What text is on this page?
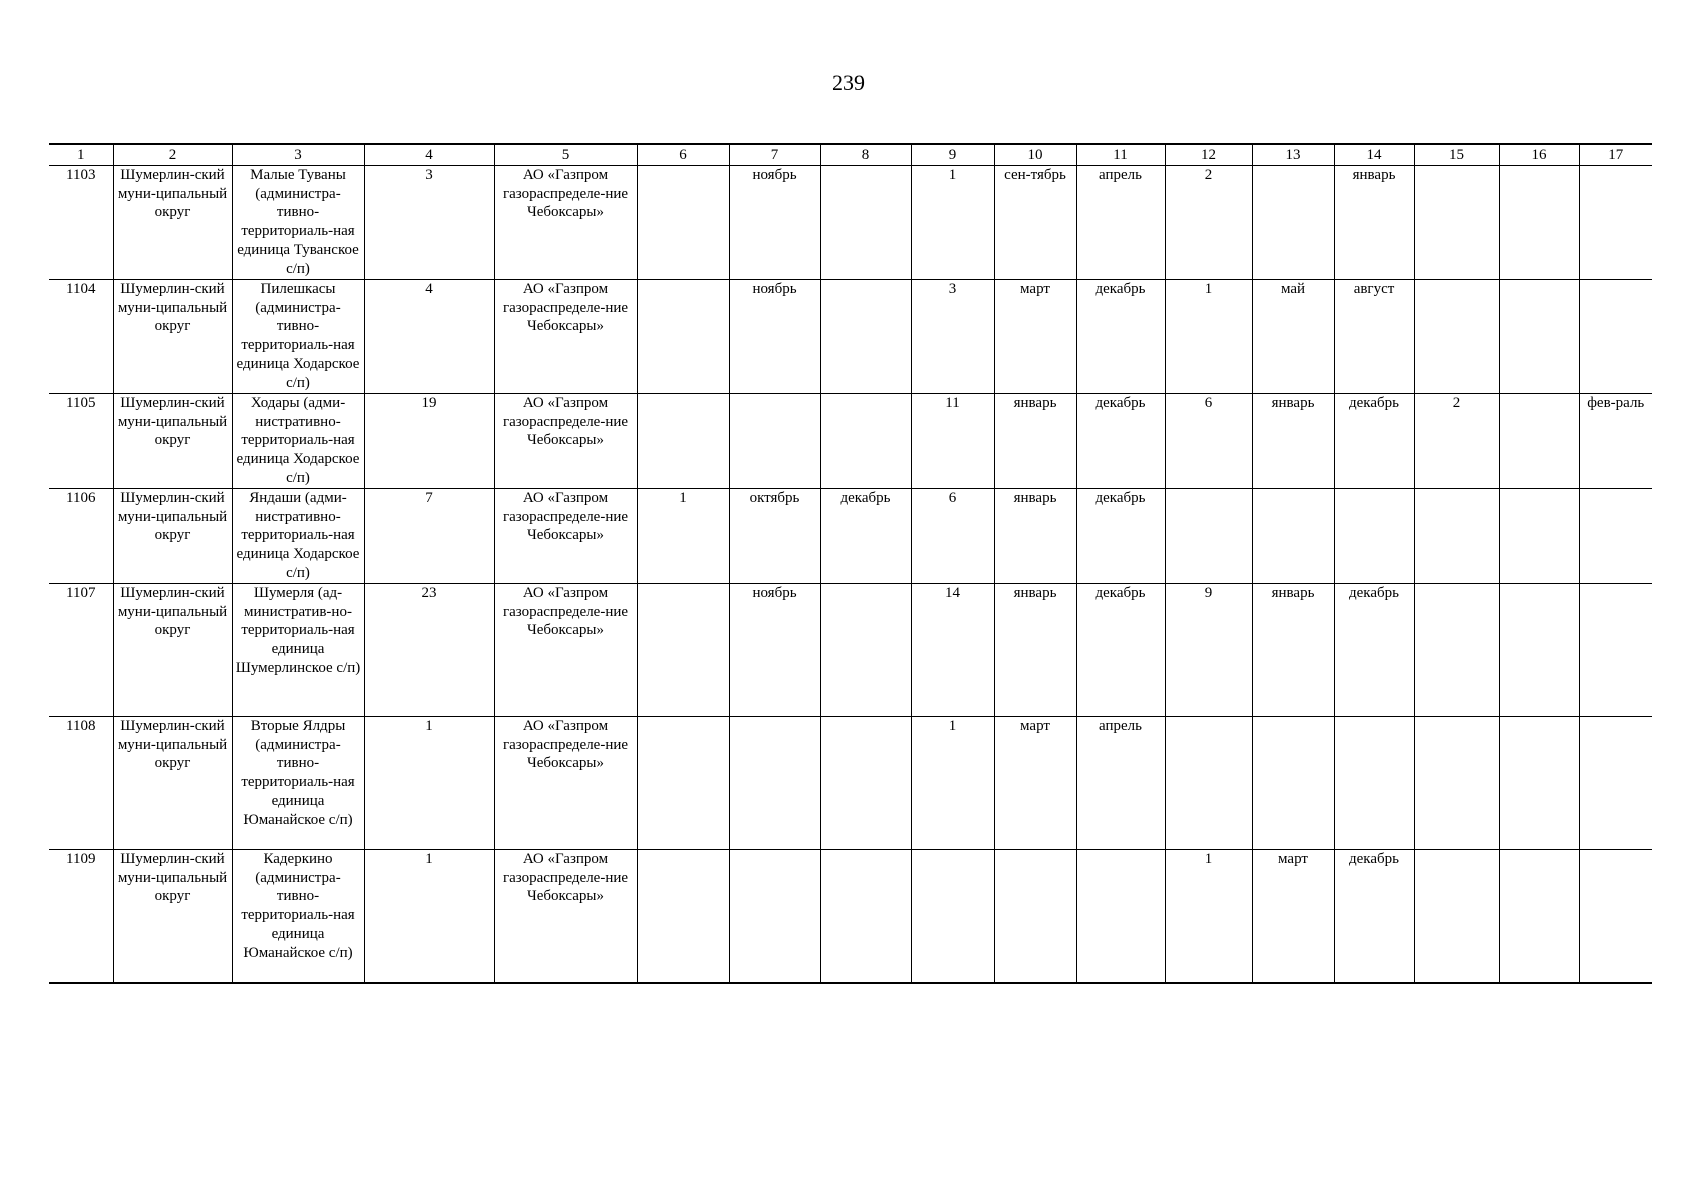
239
1	2	3	4	5	6	7	8	9	10	11	12	13	14	15	16	17
1103	Шумерлин-ский муни-ципальный округ	Малые Туваны (администра-тивно-территориаль-ная единица Туванское с/п)	3	АО «Газпром газораспределе-ние Чебоксары»		ноябрь		1	сен-тябрь	апрель	2		январь			
1104	Шумерлин-ский муни-ципальный округ	Пилешкасы (администра-тивно-территориаль-ная единица Ходарское с/п)	4	АО «Газпром газораспределе-ние Чебоксары»		ноябрь		3	март	декабрь	1	май	август			
1105	Шумерлин-ский муни-ципальный округ	Ходары (адми-нистративно-территориаль-ная единица Ходарское с/п)	19	АО «Газпром газораспределе-ние Чебоксары»				11	январь	декабрь	6	январь	декабрь	2		фев-раль
1106	Шумерлин-ский муни-ципальный округ	Яндаши (адми-нистративно-территориаль-ная единица Ходарское с/п)	7	АО «Газпром газораспределе-ние Чебоксары»	1	октябрь	декабрь	6	январь	декабрь						
1107	Шумерлин-ский муни-ципальный округ	Шумерля (ад-министратив-но-территориаль-ная единица Шумерлинское с/п)	23	АО «Газпром газораспределе-ние Чебоксары»		ноябрь		14	январь	декабрь	9	январь	декабрь			
1108	Шумерлин-ский муни-ципальный округ	Вторые Ялдры (администра-тивно-территориаль-ная единица Юманайское с/п)	1	АО «Газпром газораспределе-ние Чебоксары»				1	март	апрель						
1109	Шумерлин-ский муни-ципальный округ	Кадеркино (администра-тивно-территориаль-ная единица Юманайское с/п)	1	АО «Газпром газораспределе-ние Чебоксары»							1	март	декабрь			
